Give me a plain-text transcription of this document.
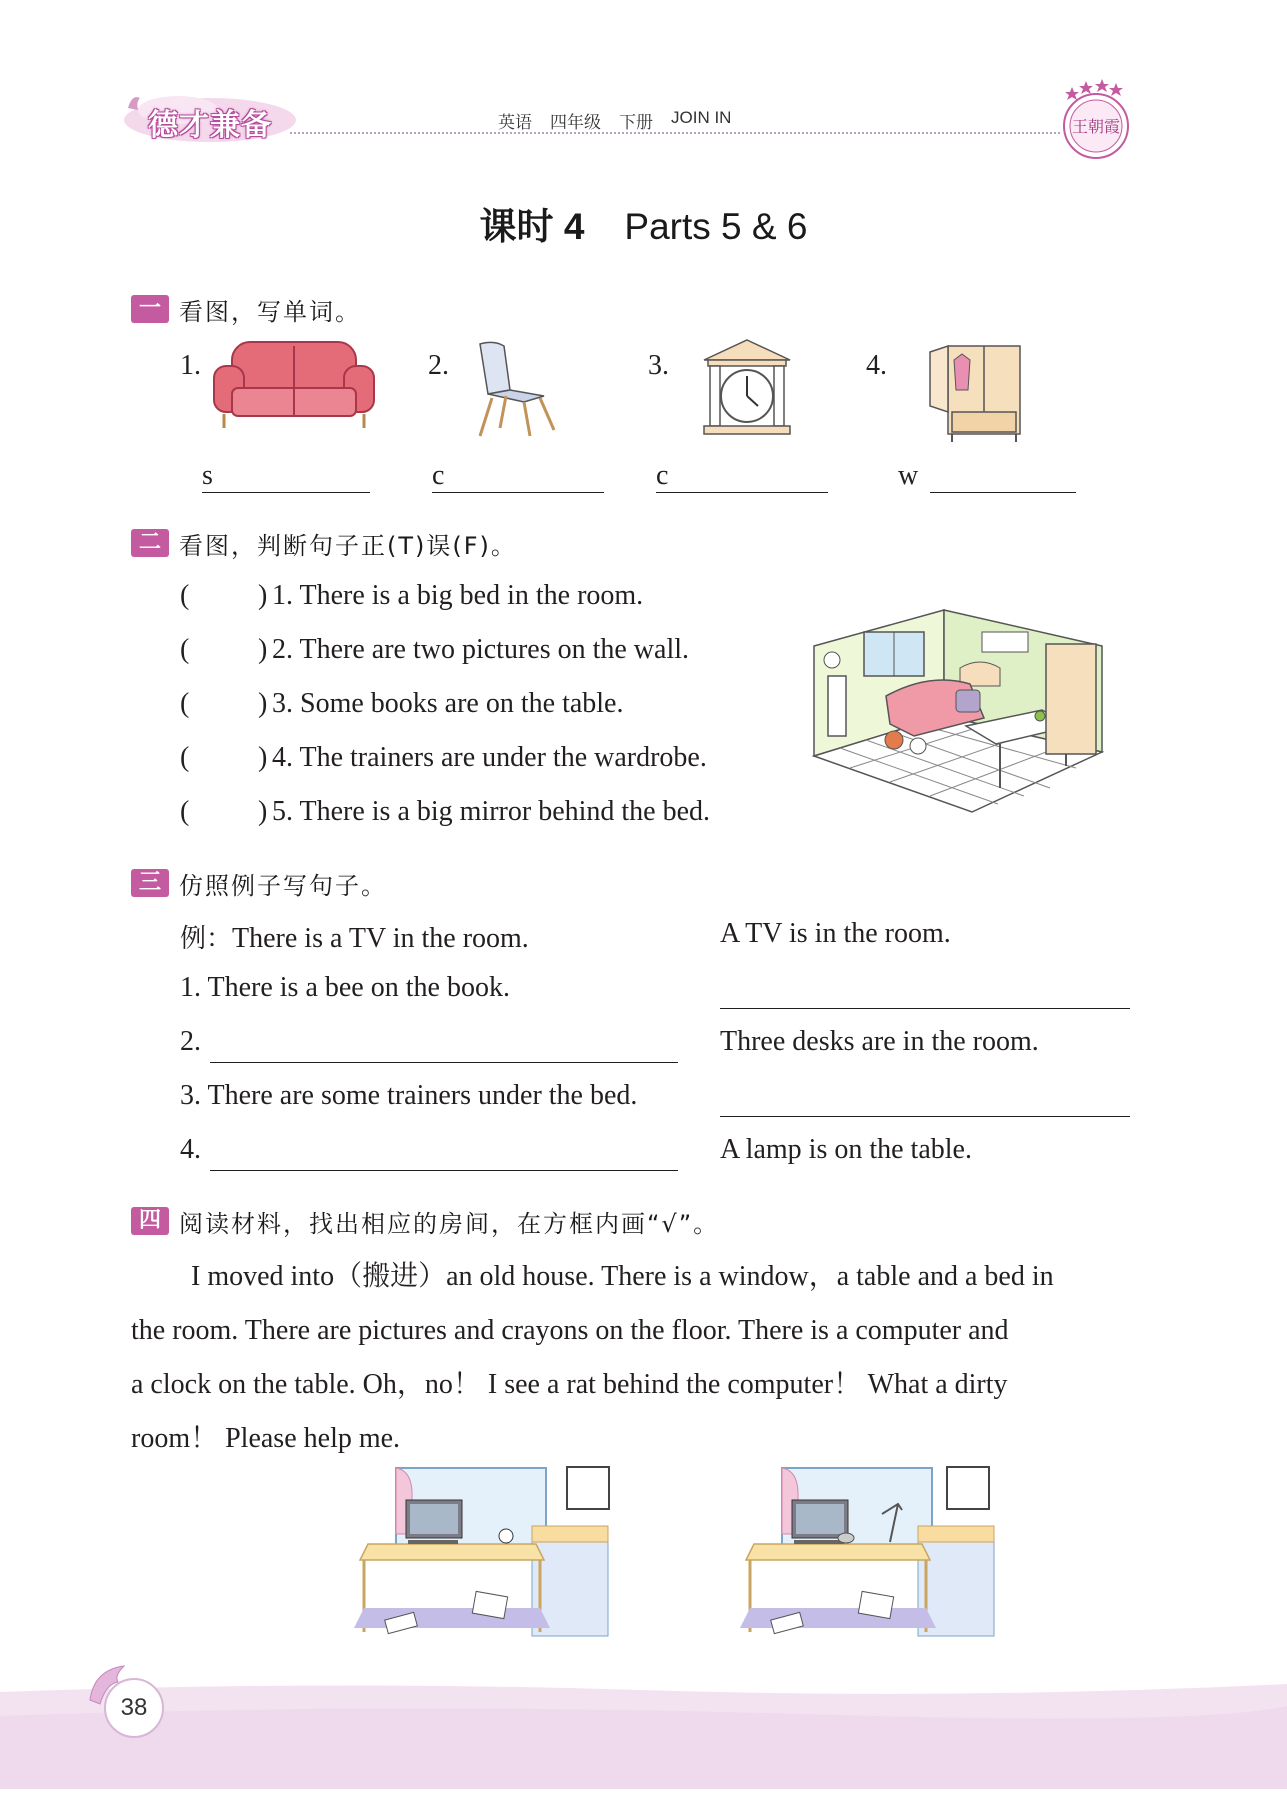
德才兼备	英语 四年级 下册 JOIN IN	王朝霞
课时 4 Parts 5 & 6
一 看图，写单词。
1.
s
2.
c
3.
c
4.
w
二 看图，判断句子正(T)误(F)。
( ) 1. There is a big bed in the room.
( ) 2. There are two pictures on the wall.
( ) 3. Some books are on the table.
( ) 4. The trainers are under the wardrobe.
( ) 5. There is a big mirror behind the bed.
三 仿照例子写句子。
例：There is a TV in the room.	A TV is in the room.
1. There is a bee on the book.
2.	Three desks are in the room.
3. There are some trainers under the bed.
4.	A lamp is on the table.
四 阅读材料，找出相应的房间，在方框内画“√”。
I moved into（搬进）an old house. There is a window，a table and a bed in
the room. There are pictures and crayons on the floor. There is a computer and
a clock on the table. Oh，no！ I see a rat behind the computer！ What a dirty
room！ Please help me.
38
